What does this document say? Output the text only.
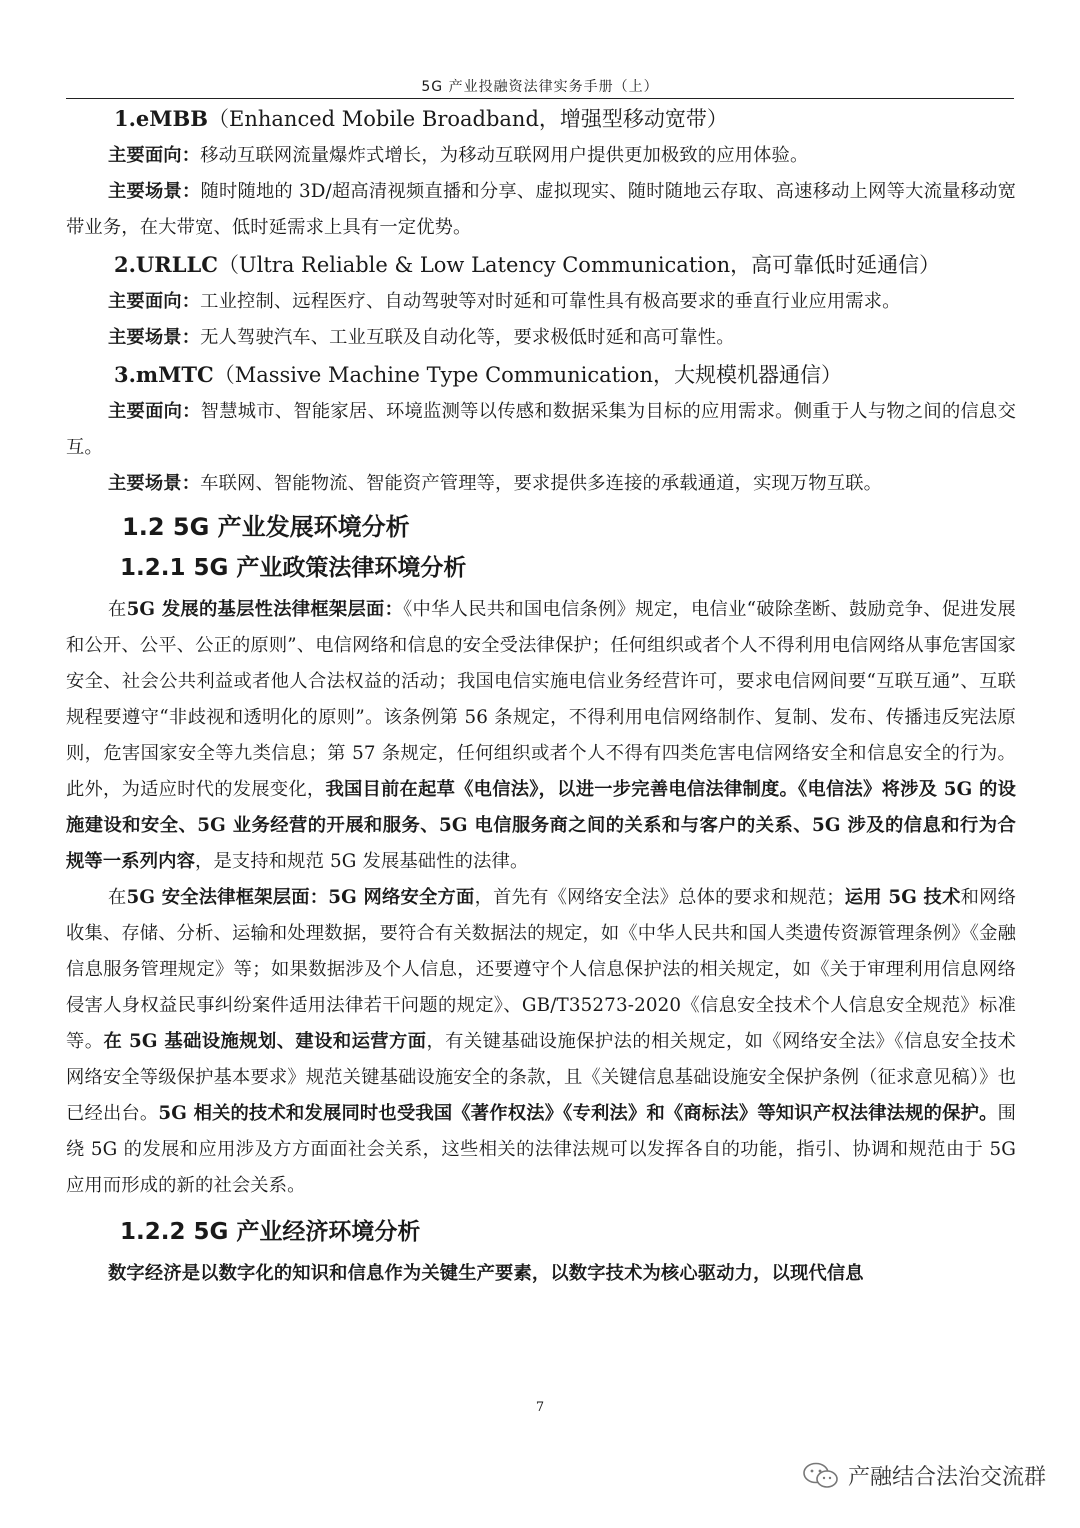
5G 产业投融资法律实务手册（上）
1.eMBB（Enhanced Mobile Broadband，增强型移动宽带）

主要面向：移动互联网流量爆炸式增长，为移动互联网用户提供更加极致的应用体验。

主要场景：随时随地的 3D/超高清视频直播和分享、虚拟现实、随时随地云存取、高速移动上网等大流量移动宽带业务，在大带宽、低时延需求上具有一定优势。

2.URLLC（Ultra Reliable & Low Latency Communication，高可靠低时延通信）

主要面向：工业控制、远程医疗、自动驾驶等对时延和可靠性具有极高要求的垂直行业应用需求。

主要场景：无人驾驶汽车、工业互联及自动化等，要求极低时延和高可靠性。

3.mMTC（Massive Machine Type Communication，大规模机器通信）

主要面向：智慧城市、智能家居、环境监测等以传感和数据采集为目标的应用需求。侧重于人与物之间的信息交互。

主要场景：车联网、智能物流、智能资产管理等，要求提供多连接的承载通道，实现万物互联。

1.2 5G 产业发展环境分析
1.2.1 5G 产业政策法律环境分析

在5G 发展的基层性法律框架层面：《中华人民共和国电信条例》规定，电信业“破除垄断、鼓励竞争、促进发展和公开、公平、公正的原则”、电信网络和信息的安全受法律保护；任何组织或者个人不得利用电信网络从事危害国家安全、社会公共利益或者他人合法权益的活动；我国电信实施电信业务经营许可，要求电信网间要“互联互通”、互联规程要遵守“非歧视和透明化的原则”。该条例第 56 条规定，不得利用电信网络制作、复制、发布、传播违反宪法原则，危害国家安全等九类信息；第 57 条规定，任何组织或者个人不得有四类危害电信网络安全和信息安全的行为。此外，为适应时代的发展变化，我国目前在起草《电信法》，以进一步完善电信法律制度。《电信法》将涉及 5G 的设施建设和安全、5G 业务经营的开展和服务、5G 电信服务商之间的关系和与客户的关系、5G 涉及的信息和行为合规等一系列内容，是支持和规范 5G 发展基础性的法律。

在5G 安全法律框架层面：5G 网络安全方面，首先有《网络安全法》总体的要求和规范；运用 5G 技术和网络收集、存储、分析、运输和处理数据，要符合有关数据法的规定，如《中华人民共和国人类遗传资源管理条例》《金融信息服务管理规定》等；如果数据涉及个人信息，还要遵守个人信息保护法的相关规定，如《关于审理利用信息网络侵害人身权益民事纠纷案件适用法律若干问题的规定》、GB/T35273-2020《信息安全技术个人信息安全规范》标准等。在 5G 基础设施规划、建设和运营方面，有关键基础设施保护法的相关规定，如《网络安全法》《信息安全技术网络安全等级保护基本要求》规范关键基础设施安全的条款，且《关键信息基础设施安全保护条例（征求意见稿）》也已经出台。5G 相关的技术和发展同时也受我国《著作权法》《专利法》和《商标法》等知识产权法律法规的保护。围绕 5G 的发展和应用涉及方方面面社会关系，这些相关的法律法规可以发挥各自的功能，指引、协调和规范由于 5G 应用而形成的新的社会关系。

1.2.2 5G 产业经济环境分析

数字经济是以数字化的知识和信息作为关键生产要素，以数字技术为核心驱动力，以现代信息

7
产融结合法治交流群
